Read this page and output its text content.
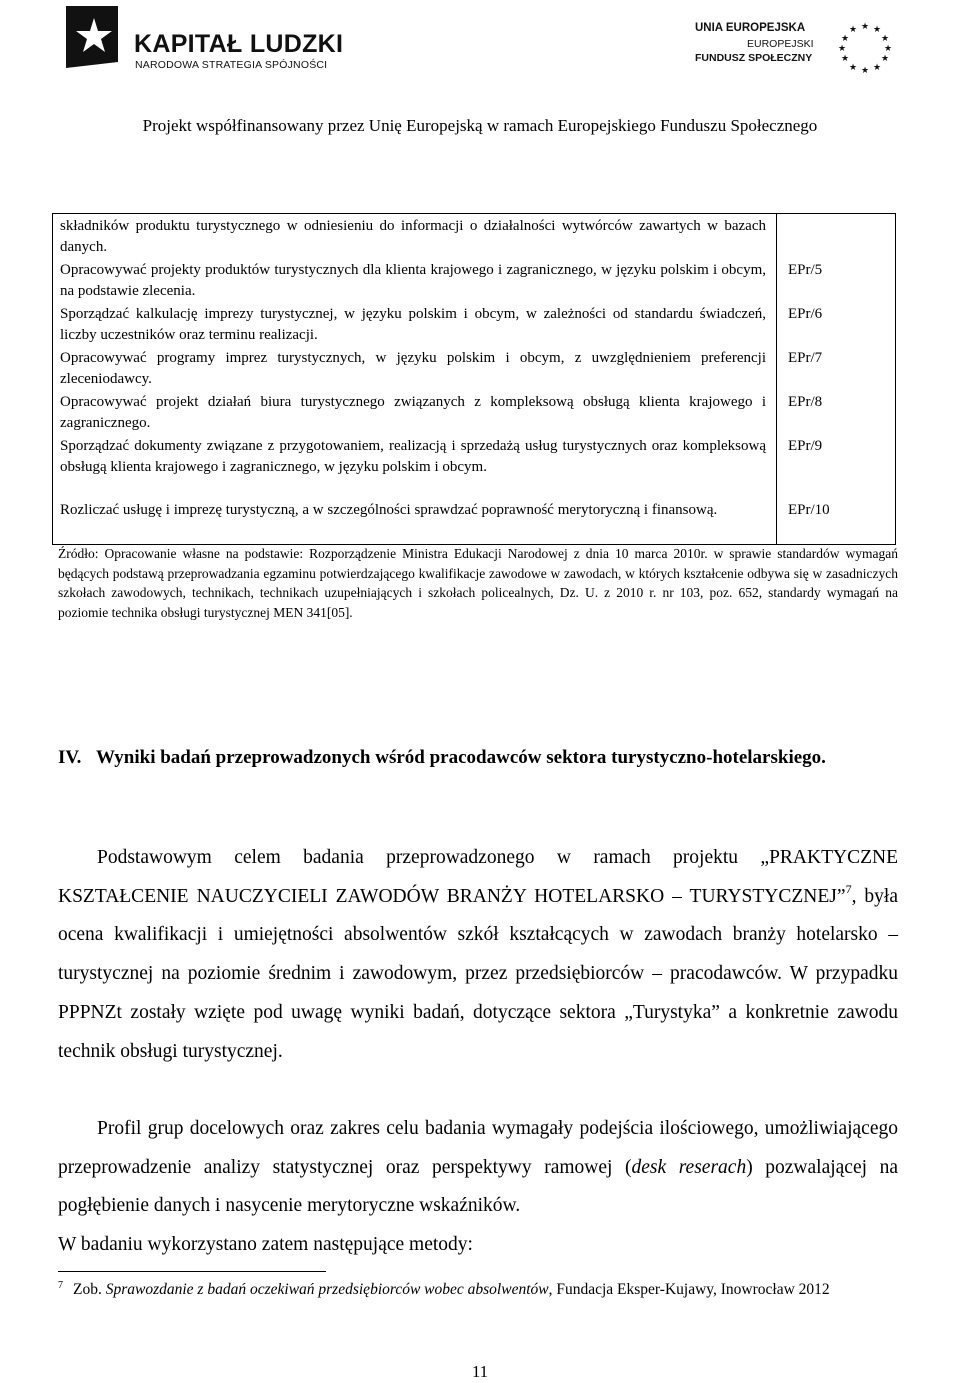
KAPITAŁ LUDZKI
NARODOWA STRATEGIA SPÓJNOŚCI
UNIA EUROPEJSKA
EUROPEJSKI
FUNDUSZ SPOŁECZNY
★ ★
★
★
★
★
★
★
★
★
★
★
Projekt współfinansowany przez Unię Europejską w ramach Europejskiego Funduszu Społecznego
składników produktu turystycznego w odniesieniu do informacji o działalności wytwórców zawartych w bazach danych.
Opracowywać projekty produktów turystycznych dla klienta krajowego i zagranicznego, w języku polskim i obcym, na podstawie zlecenia.
EPr/5
Sporządzać kalkulację imprezy turystycznej, w języku polskim i obcym, w zależności od standardu świadczeń, liczby uczestników oraz terminu realizacji.
EPr/6
Opracowywać programy imprez turystycznych, w języku polskim i obcym, z uwzględnieniem preferencji zleceniodawcy.
EPr/7
Opracowywać projekt działań biura turystycznego związanych z kompleksową obsługą klienta krajowego i zagranicznego.
EPr/8
Sporządzać dokumenty związane z przygotowaniem, realizacją i sprzedażą usług turystycznych oraz kompleksową obsługą klienta krajowego i zagranicznego, w języku polskim i obcym.
EPr/9
Rozliczać usługę i imprezę turystyczną, a w szczególności sprawdzać poprawność merytoryczną i finansową.	EPr/10
Źródło: Opracowanie własne na podstawie: Rozporządzenie Ministra Edukacji Narodowej z dnia 10 marca 2010r. w sprawie standardów wymagań będących podstawą przeprowadzania egzaminu potwierdzającego kwalifikacje zawodowe w zawodach, w których kształcenie odbywa się w zasadniczych szkołach zawodowych, technikach, technikach uzupełniających i szkołach policealnych, Dz. U. z 2010 r. nr 103, poz. 652, standardy wymagań na poziomie technika obsługi turystycznej MEN 341[05].
IV. Wyniki badań przeprowadzonych wśród pracodawców sektora turystyczno-hotelarskiego.
Podstawowym celem badania przeprowadzonego w ramach projektu „PRAKTYCZNE KSZTAŁCENIE NAUCZYCIELI ZAWODÓW BRANŻY HOTELARSKO – TURYSTYCZNEJ”$^7$, była ocena kwalifikacji i umiejętności absolwentów szkół kształcących w zawodach branży hotelarsko – turystycznej na poziomie średnim i zawodowym, przez przedsiębiorców – pracodawców. W przypadku PPPNZt zostały wzięte pod uwagę wyniki badań, dotyczące sektora „Turystyka” a konkretnie zawodu technik obsługi turystycznej.
Profil grup docelowych oraz zakres celu badania wymagały podejścia ilościowego, umożliwiającego przeprowadzenie analizy statystycznej oraz perspektywy ramowej (desk reserach) pozwalającej na pogłębienie danych i nasycenie merytoryczne wskaźników.
W badaniu wykorzystano zatem następujące metody:
$^7$ Zob. Sprawozdanie z badań oczekiwań przedsiębiorców wobec absolwentów, Fundacja Eksper-Kujawy, Inowrocław 2012
11
